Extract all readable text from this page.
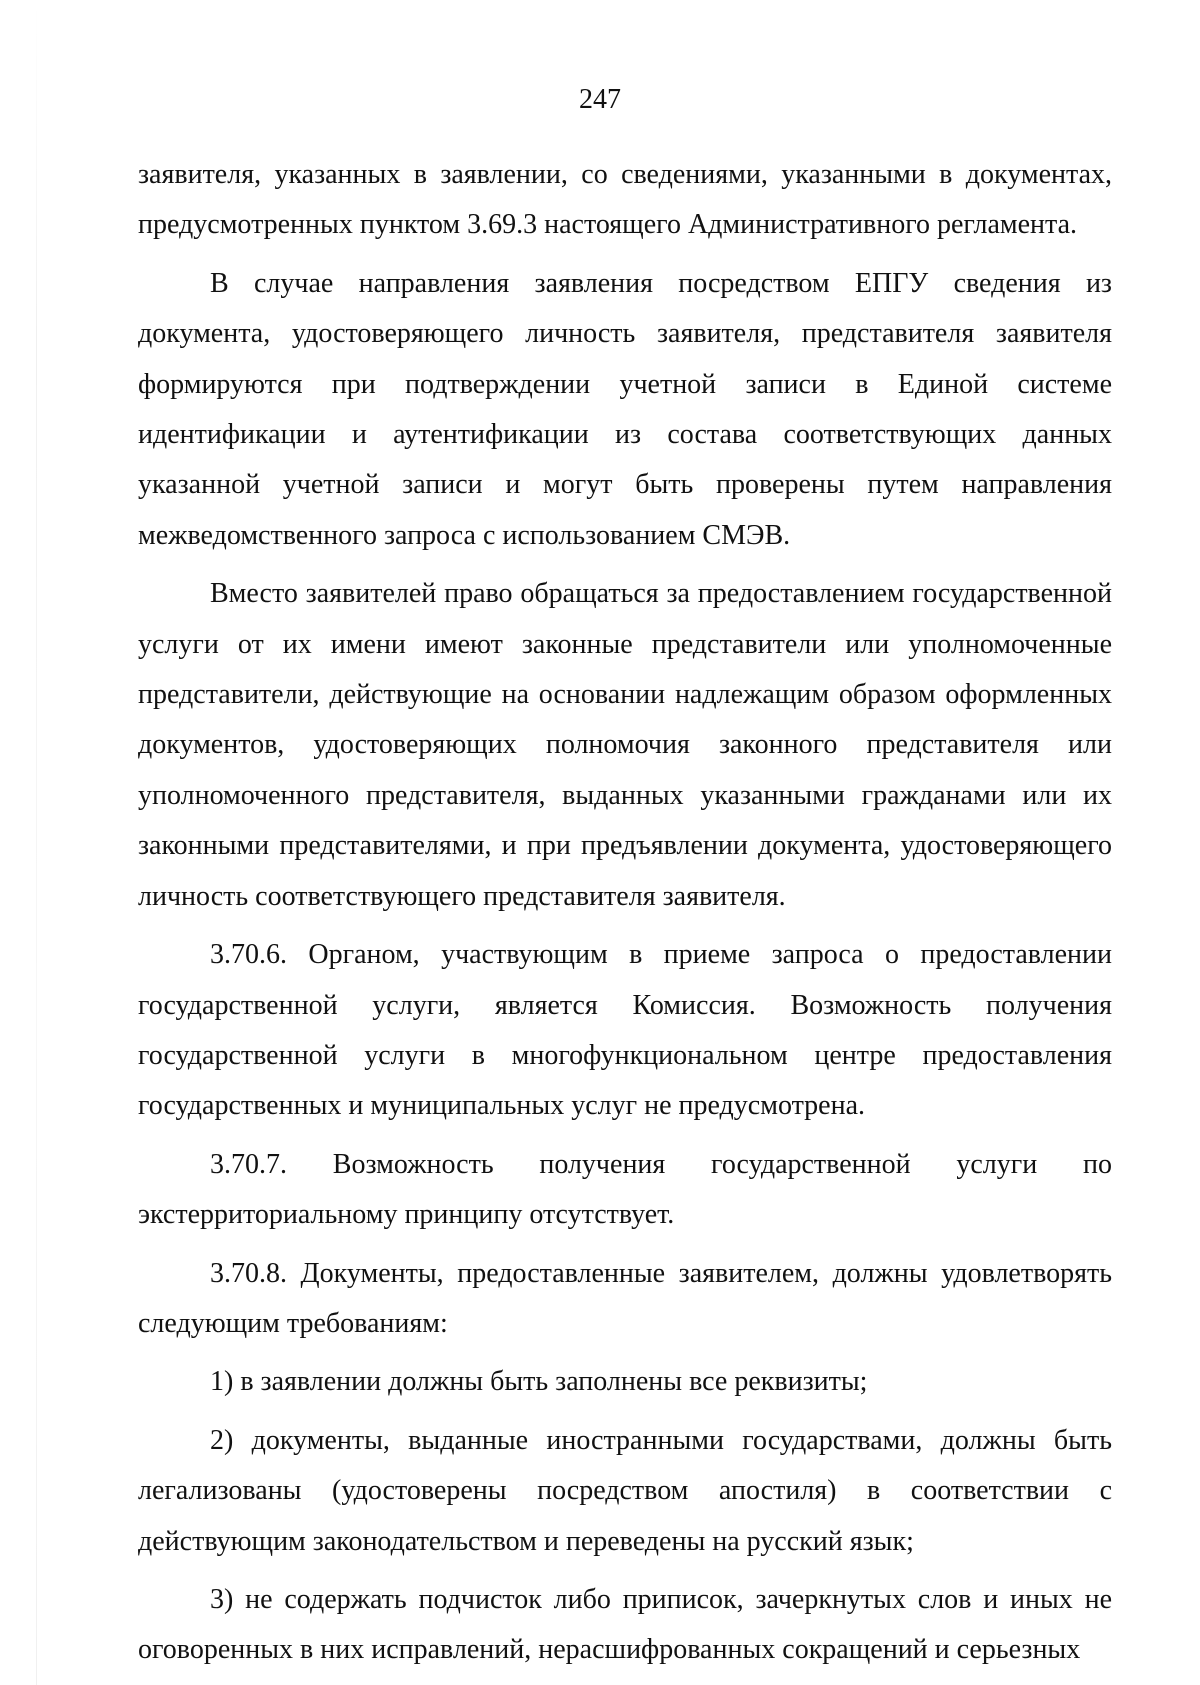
247

заявителя, указанных в заявлении, со сведениями, указанными в документах, предусмотренных пунктом 3.69.3 настоящего Административного регламента.

В случае направления заявления посредством ЕПГУ сведения из документа, удостоверяющего личность заявителя, представителя заявителя формируются при подтверждении учетной записи в Единой системе идентификации и аутентификации из состава соответствующих данных указанной учетной записи и могут быть проверены путем направления межведомственного запроса с использованием СМЭВ.

Вместо заявителей право обращаться за предоставлением государственной услуги от их имени имеют законные представители или уполномоченные представители, действующие на основании надлежащим образом оформленных документов, удостоверяющих полномочия законного представителя или уполномоченного представителя, выданных указанными гражданами или их законными представителями, и при предъявлении документа, удостоверяющего личность соответствующего представителя заявителя.

3.70.6. Органом, участвующим в приеме запроса о предоставлении государственной услуги, является Комиссия. Возможность получения государственной услуги в многофункциональном центре предоставления государственных и муниципальных услуг не предусмотрена.

3.70.7. Возможность получения государственной услуги по экстерриториальному принципу отсутствует.

3.70.8. Документы, предоставленные заявителем, должны удовлетворять следующим требованиям:

1) в заявлении должны быть заполнены все реквизиты;

2) документы, выданные иностранными государствами, должны быть легализованы (удостоверены посредством апостиля) в соответствии с действующим законодательством и переведены на русский язык;

3) не содержать подчисток либо приписок, зачеркнутых слов и иных не оговоренных в них исправлений, нерасшифрованных сокращений и серьезных
